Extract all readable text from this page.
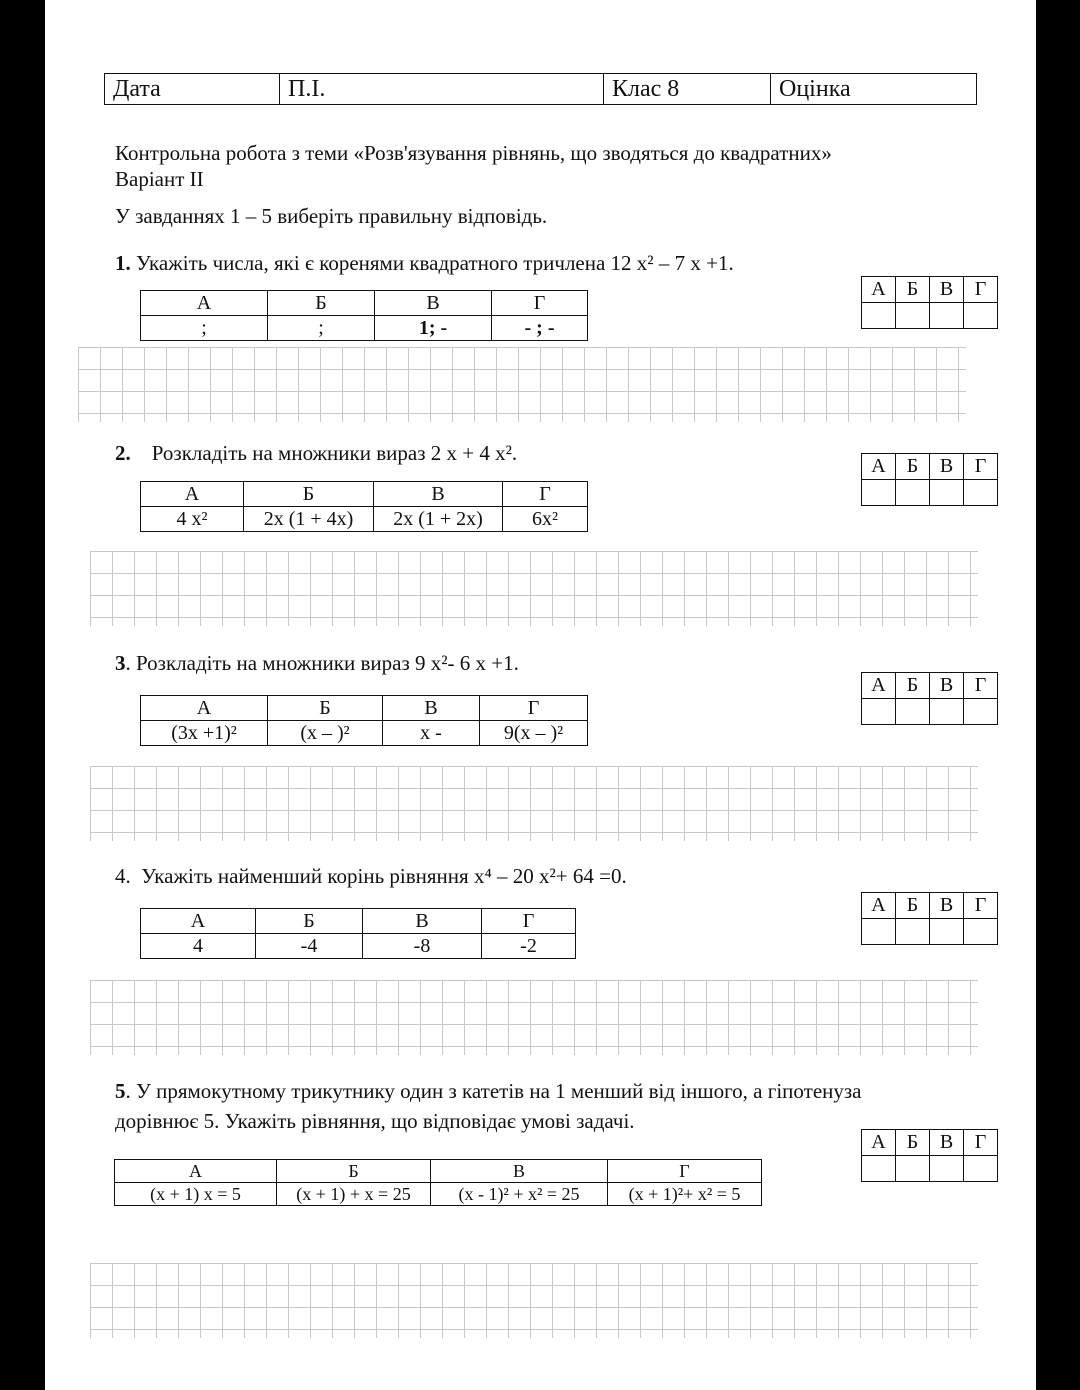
Дата	П.І.	Клас 8	Оцінка
Контрольна робота з теми «Розв'язування рівнянь, що зводяться до квадратних»
Варіант ІІ
У завданнях 1 – 5 виберіть правильну відповідь.
1. Укажіть числа, які є коренями квадратного тричлена 12 x² – 7 x +1.
А	Б	В	Г

А	Б	В	Г
;	;	1; -	- ; -
2. Розкладіть на множники вираз 2 x + 4 x².
А	Б	В	Г

А	Б	В	Г
4 x²	2x (1 + 4x)	2x (1 + 2x)	6x²
3. Розкладіть на множники вираз 9 x²- 6 x +1.
А	Б	В	Г

А	Б	В	Г
(3x +1)²	(x – )²	x -	9(x – )²
4. Укажіть найменший корінь рівняння x⁴ – 20 x²+ 64 =0.
А	Б	В	Г

А	Б	В	Г
4	-4	-8	-2
5. У прямокутному трикутнику один з катетів на 1 менший від іншого, а гіпотенуза
дорівнює 5. Укажіть рівняння, що відповідає умові задачі.
А	Б	В	Г

А	Б	В	Г
(x + 1) x = 5	(x + 1) + x = 25	(x - 1)² + x² = 25	(x + 1)²+ x² = 5
